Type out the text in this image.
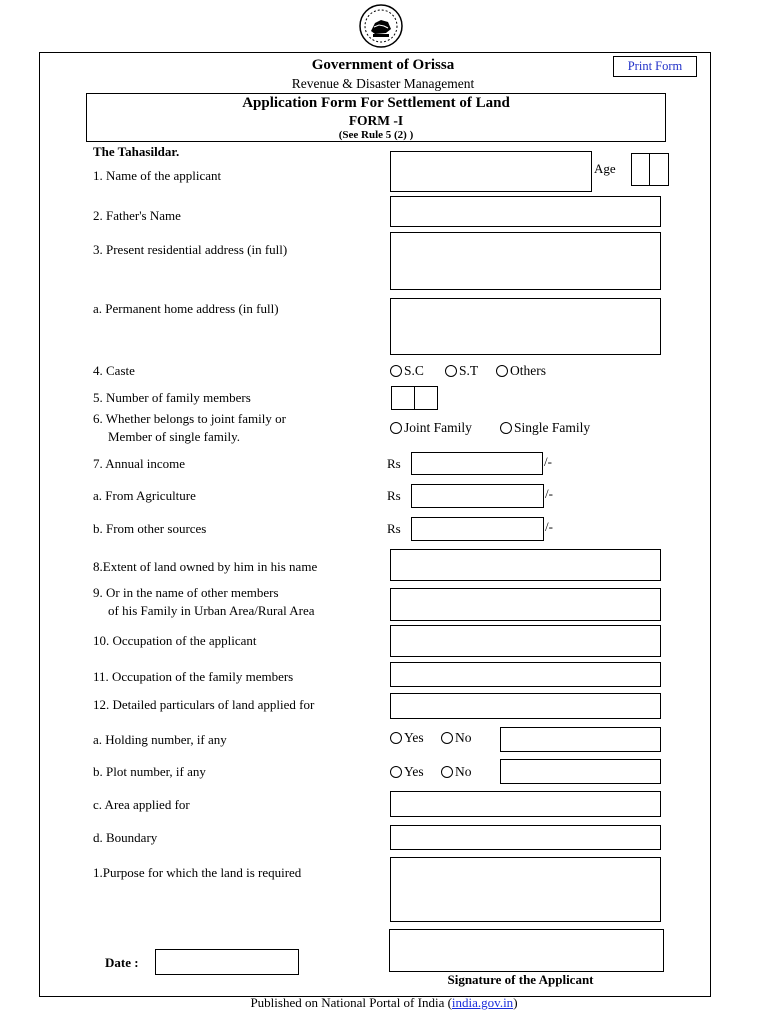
Government of Orissa
Revenue & Disaster Management
Print Form
Application Form For Settlement of Land
FORM -I
(See Rule 5 (2) )
The Tahasildar.
1. Name of the applicant	Age
2. Father's Name
3. Present residential address (in full)
a. Permanent home address (in full)
4. Caste	S.C	S.T	Others
5. Number of family members
6. Whether belongs to joint family or
Member of single family.
Joint Family	Single Family
7. Annual income	Rs	/-
a. From Agriculture	Rs	/-
b. From other sources	Rs	/-
8.Extent of land owned by him in his name
9. Or in the name of other members
of his Family in Urban Area/Rural Area
10. Occupation of the applicant
11. Occupation of the family members
12. Detailed particulars of land applied for
a. Holding number, if any	Yes	No
b. Plot number, if any	Yes	No
c. Area applied for
d. Boundary
1.Purpose for which the land is required
Date :
Signature of the Applicant
Published on National Portal of India (india.gov.in)
